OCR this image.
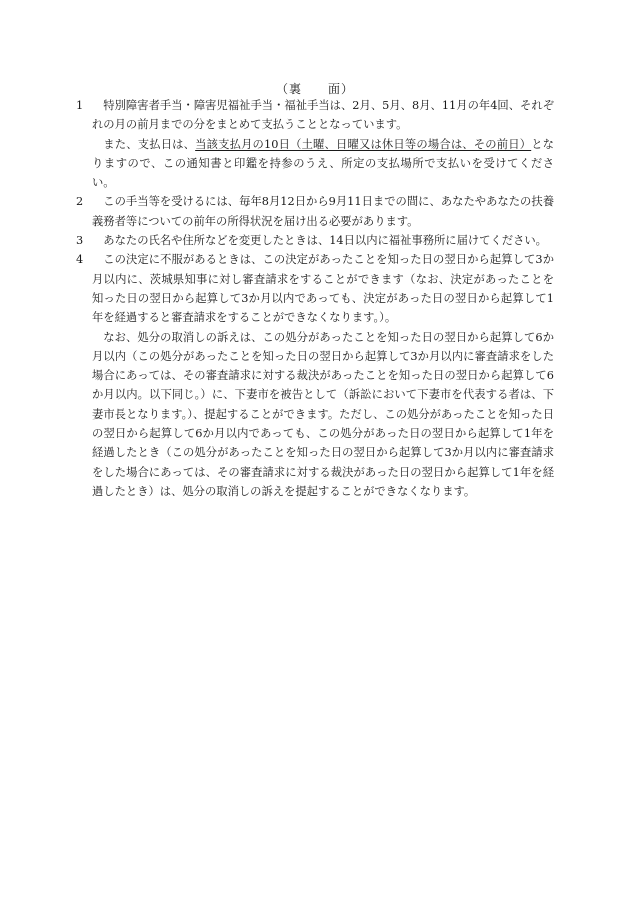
（裏　　面）
1	特別障害者手当・障害児福祉手当・福祉手当は、2月、5月、8月、11月の年4回、それぞれの月の前月までの分をまとめて支払うこととなっています。

また、支払日は、当該支払月の10日（土曜、日曜又は休日等の場合は、その前日）となりますので、この通知書と印鑑を持参のうえ、所定の支払場所で支払いを受けてください。

2	この手当等を受けるには、毎年8月12日から9月11日までの間に、あなたやあなたの扶養義務者等についての前年の所得状況を届け出る必要があります。

3	あなたの氏名や住所などを変更したときは、14日以内に福祉事務所に届けてください。

4	この決定に不服があるときは、この決定があったことを知った日の翌日から起算して3か月以内に、茨城県知事に対し審査請求をすることができます（なお、決定があったことを知った日の翌日から起算して3か月以内であっても、決定があった日の翌日から起算して1年を経過すると審査請求をすることができなくなります。）。

なお、処分の取消しの訴えは、この処分があったことを知った日の翌日から起算して6か月以内（この処分があったことを知った日の翌日から起算して3か月以内に審査請求をした場合にあっては、その審査請求に対する裁決があったことを知った日の翌日から起算して6か月以内。以下同じ。）に、下妻市を被告として（訴訟において下妻市を代表する者は、下妻市長となります。）、提起することができます。ただし、この処分があったことを知った日の翌日から起算して6か月以内であっても、この処分があった日の翌日から起算して1年を経過したとき（この処分があったことを知った日の翌日から起算して3か月以内に審査請求をした場合にあっては、その審査請求に対する裁決があった日の翌日から起算して1年を経過したとき）は、処分の取消しの訴えを提起することができなくなります。
